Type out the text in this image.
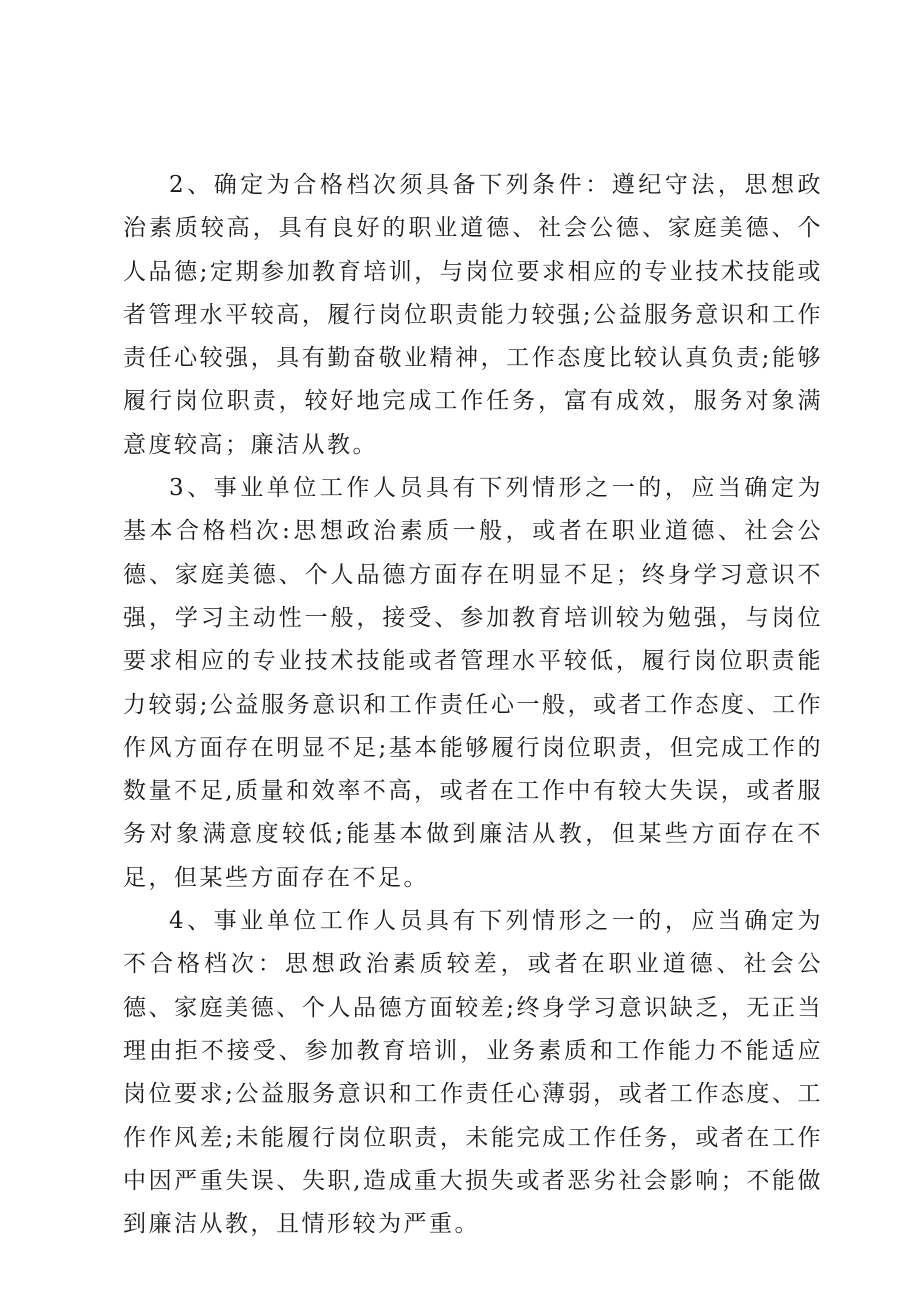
2、确定为合格档次须具备下列条件：遵纪守法，思想政治素质较高，具有良好的职业道德、社会公德、家庭美德、个人品德;定期参加教育培训，与岗位要求相应的专业技术技能或者管理水平较高，履行岗位职责能力较强;公益服务意识和工作责任心较强，具有勤奋敬业精神，工作态度比较认真负责;能够履行岗位职责，较好地完成工作任务，富有成效，服务对象满意度较高；廉洁从教。

3、事业单位工作人员具有下列情形之一的，应当确定为基本合格档次:思想政治素质一般，或者在职业道德、社会公德、家庭美德、个人品德方面存在明显不足；终身学习意识不强，学习主动性一般，接受、参加教育培训较为勉强，与岗位要求相应的专业技术技能或者管理水平较低，履行岗位职责能力较弱;公益服务意识和工作责任心一般，或者工作态度、工作作风方面存在明显不足;基本能够履行岗位职责，但完成工作的数量不足,质量和效率不高，或者在工作中有较大失误，或者服务对象满意度较低;能基本做到廉洁从教，但某些方面存在不足，但某些方面存在不足。

4、事业单位工作人员具有下列情形之一的，应当确定为不合格档次：思想政治素质较差，或者在职业道德、社会公德、家庭美德、个人品德方面较差;终身学习意识缺乏，无正当理由拒不接受、参加教育培训，业务素质和工作能力不能适应岗位要求;公益服务意识和工作责任心薄弱，或者工作态度、工作作风差;未能履行岗位职责，未能完成工作任务，或者在工作中因严重失误、失职,造成重大损失或者恶劣社会影响；不能做到廉洁从教，且情形较为严重。
